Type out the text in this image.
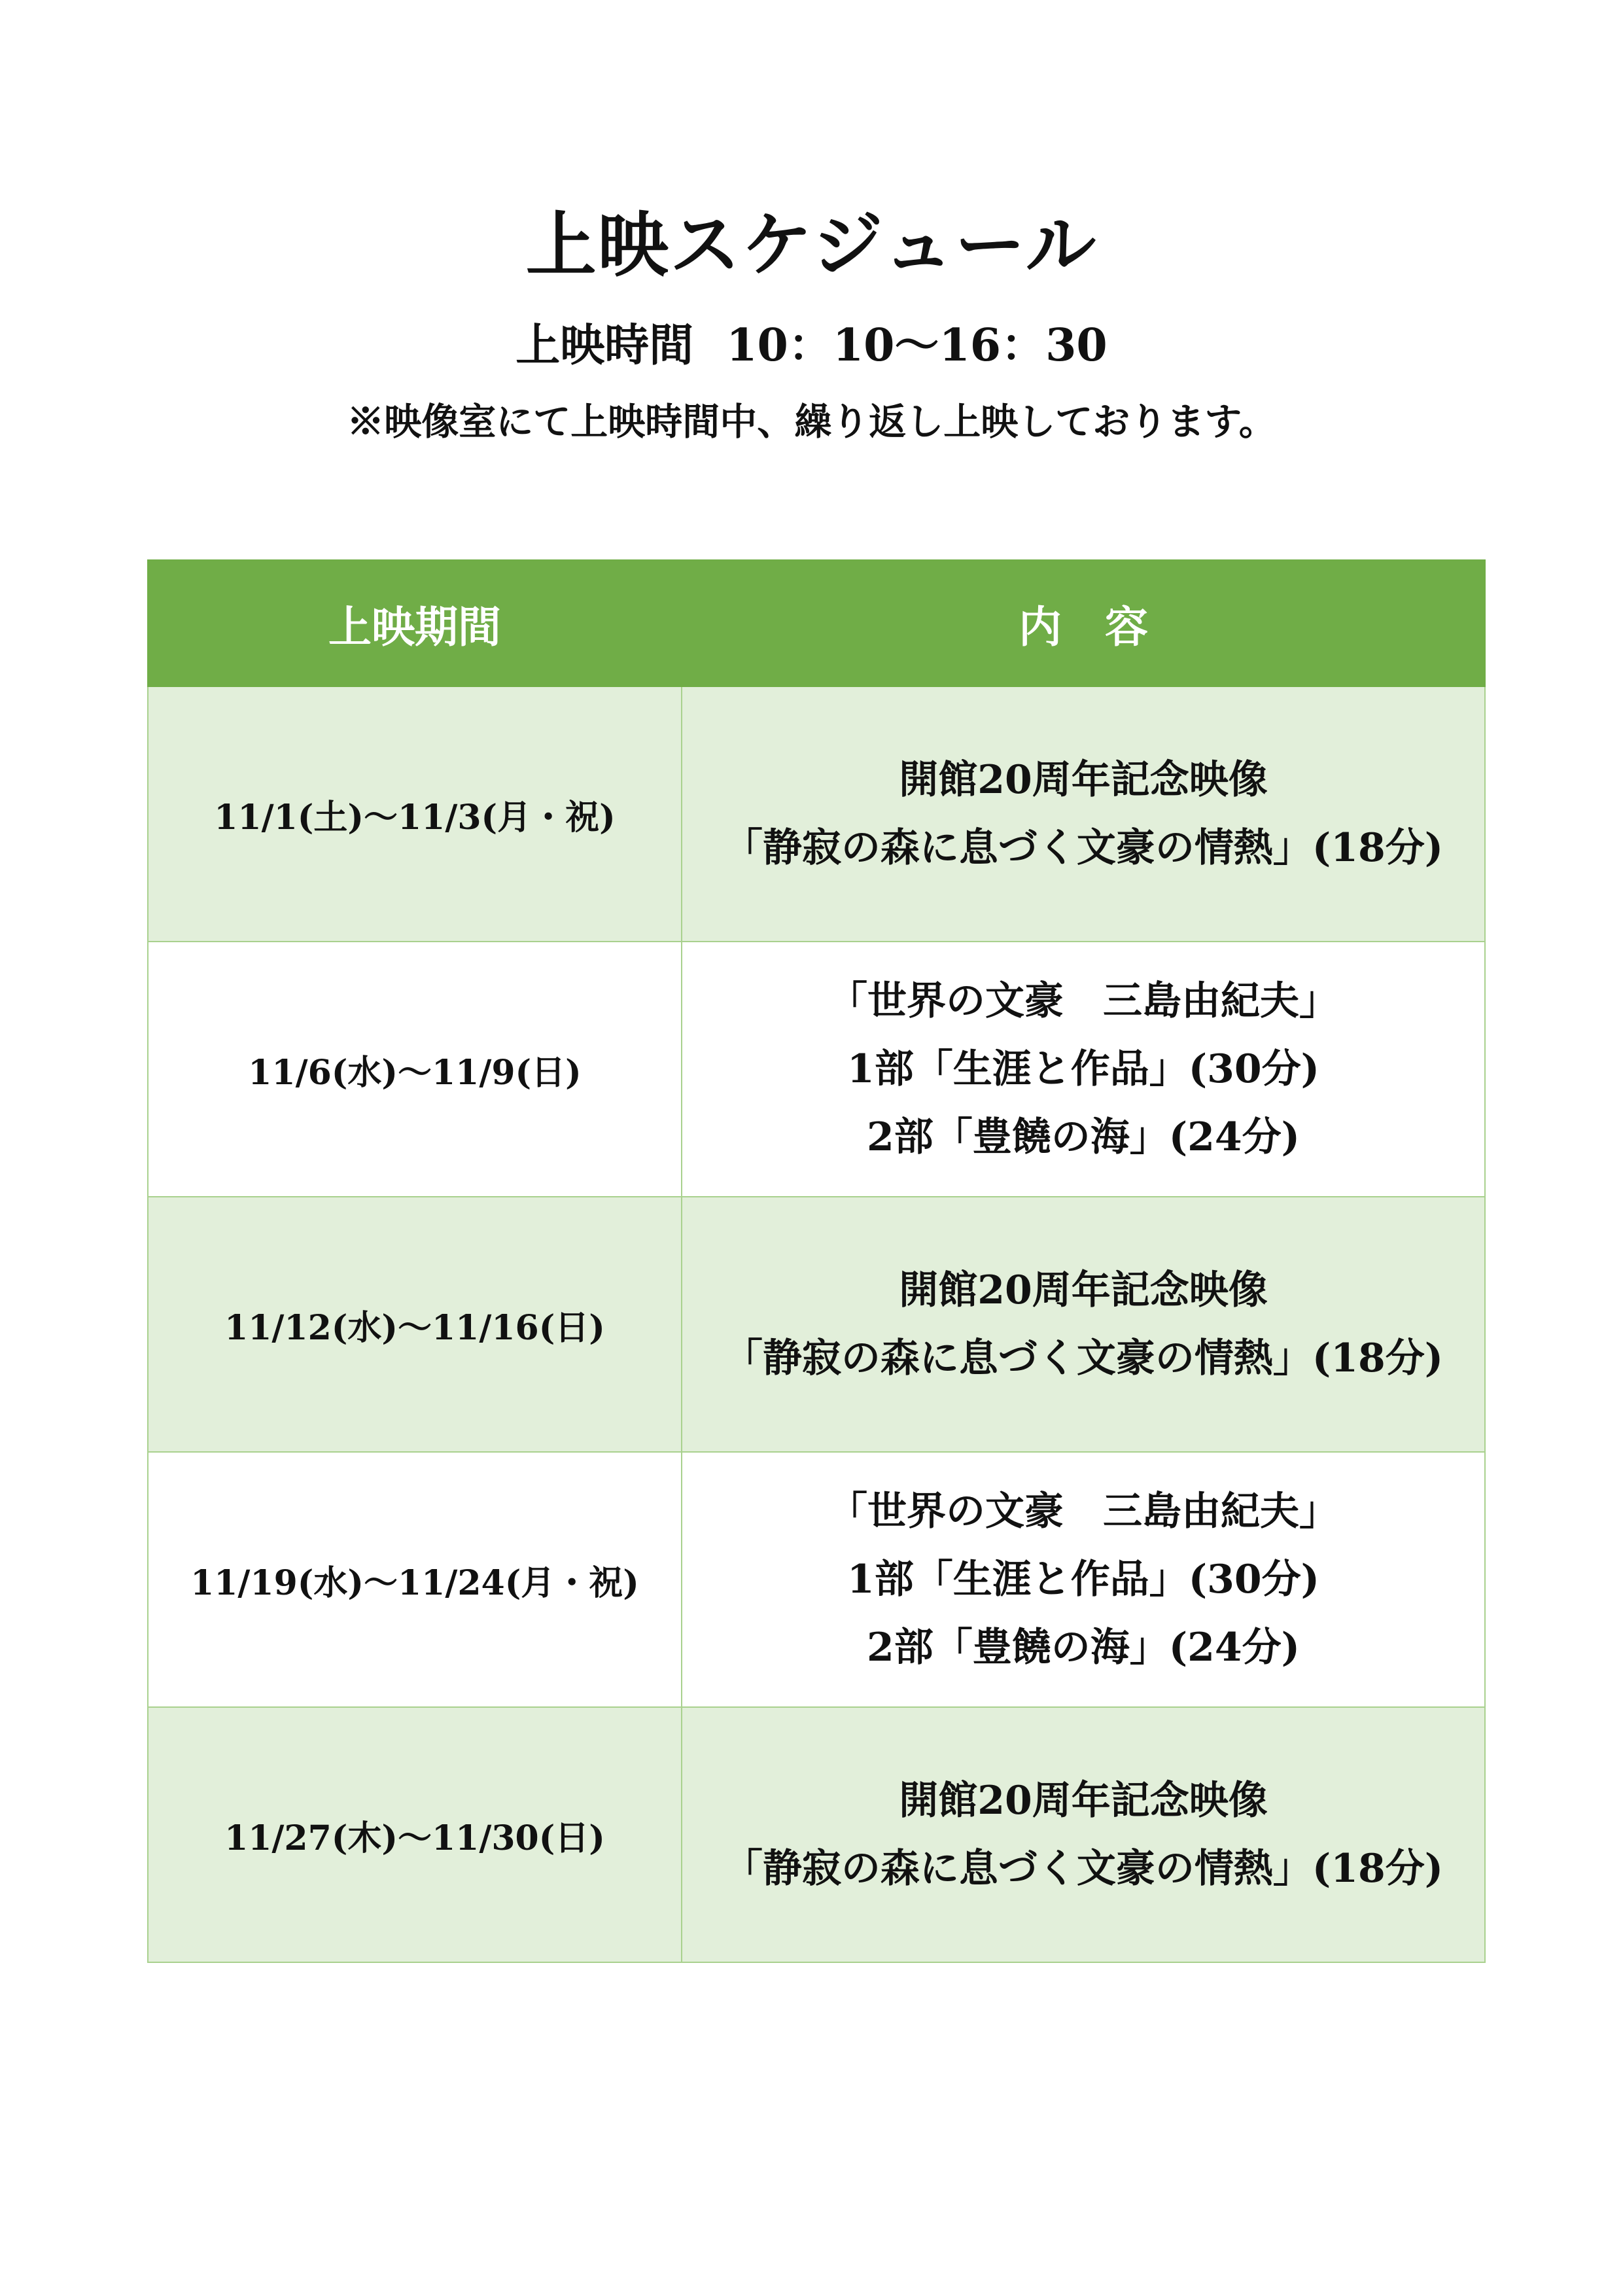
上映スケジュール
上映時間 10：10～16：30
※映像室にて上映時間中、繰り返し上映しております。
上映期間	内　容
11/1(土)～11/3(月・祝)	開館20周年記念映像
「静寂の森に息づく文豪の情熱」(18分)

11/6(水)～11/9(日)	「世界の文豪　三島由紀夫」
1部「生涯と作品」(30分)
2部「豊饒の海」(24分)

11/12(水)～11/16(日)	開館20周年記念映像
「静寂の森に息づく文豪の情熱」(18分)

11/19(水)～11/24(月・祝)	「世界の文豪　三島由紀夫」
1部「生涯と作品」(30分)
2部「豊饒の海」(24分)

11/27(木)～11/30(日)	開館20周年記念映像
「静寂の森に息づく文豪の情熱」(18分)
